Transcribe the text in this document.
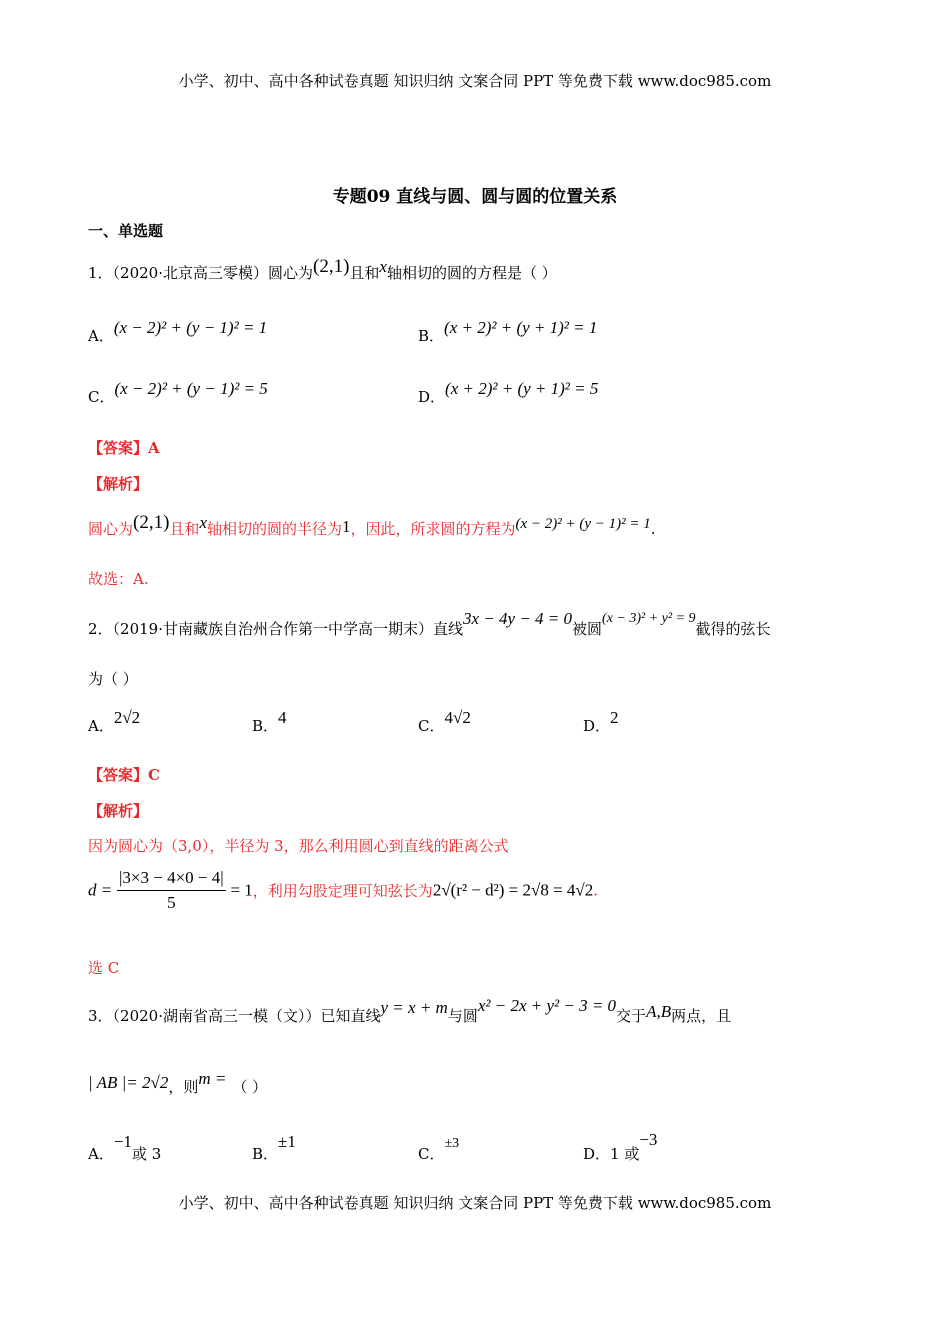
小学、初中、高中各种试卷真题 知识归纳 文案合同 PPT 等免费下载 www.doc985.com
专题09 直线与圆、圆与圆的位置关系
一、单选题
1．（2020·北京高三零模）圆心为(2,1)且和x轴相切的圆的方程是（ ）
A．(x − 2)² + (y − 1)² = 1	B．(x + 2)² + (y + 1)² = 1
C．(x − 2)² + (y − 1)² = 5	D．(x + 2)² + (y + 1)² = 5
【答案】A
【解析】
圆心为(2,1)且和x轴相切的圆的半径为1，因此，所求圆的方程为(x − 2)² + (y − 1)² = 1.
故选：A.
2．（2019·甘南藏族自治州合作第一中学高一期末）直线3x − 4y − 4 = 0被圆(x − 3)² + y² = 9截得的弦长
为（ ）
A．2√2	B．4	C．4√2	D．2
【答案】C
【解析】
因为圆心为（3,0），半径为 3，那么利用圆心到直线的距离公式
$d = \frac{|3\times 3 - 4\times 0 - 4|}{5} = 1$，利用勾股定理可知弦长为2√(r² − d²) = 2√8 = 4√2.
选 C
3．（2020·湖南省高三一模（文））已知直线y = x + m与圆x² − 2x + y² − 3 = 0交于A,B两点，且
| AB |= 2√2，则m = （ ）
A．−1或 3	B．±1
C．±3
D．1 或−3
小学、初中、高中各种试卷真题 知识归纳 文案合同 PPT 等免费下载 www.doc985.com
